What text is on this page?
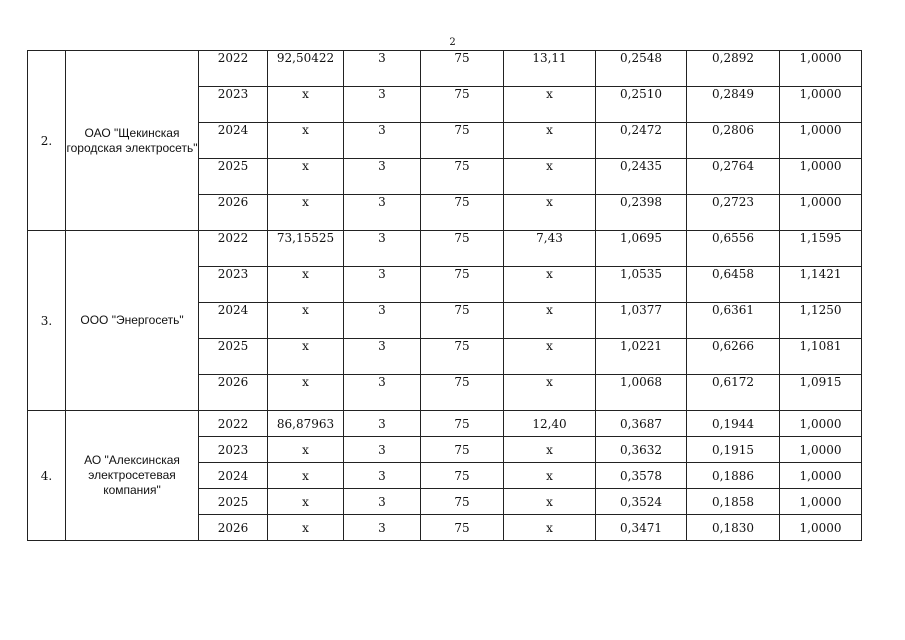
2
2.	ОАО "Щекинская городская электросеть"	2022	92,50422	3	75	13,11	0,2548	0,2892	1,0000
		2023	х	3	75	х	0,2510	0,2849	1,0000
		2024	х	3	75	х	0,2472	0,2806	1,0000
		2025	х	3	75	х	0,2435	0,2764	1,0000
		2026	х	3	75	х	0,2398	0,2723	1,0000
3.	ООО "Энергосеть"	2022	73,15525	3	75	7,43	1,0695	0,6556	1,1595
		2023	х	3	75	х	1,0535	0,6458	1,1421
		2024	х	3	75	х	1,0377	0,6361	1,1250
		2025	х	3	75	х	1,0221	0,6266	1,1081
		2026	х	3	75	х	1,0068	0,6172	1,0915
4.	АО "Алексинская электросетевая компания"	2022	86,87963	3	75	12,40	0,3687	0,1944	1,0000
		2023	х	3	75	х	0,3632	0,1915	1,0000
		2024	х	3	75	х	0,3578	0,1886	1,0000
		2025	х	3	75	х	0,3524	0,1858	1,0000
		2026	х	3	75	х	0,3471	0,1830	1,0000
